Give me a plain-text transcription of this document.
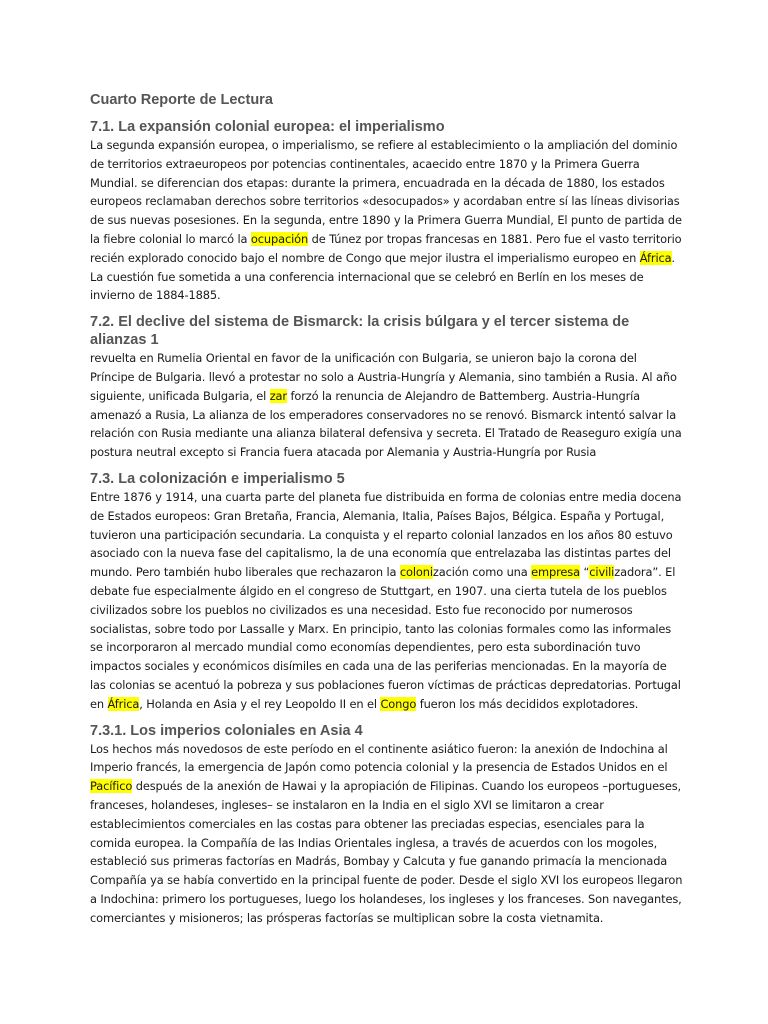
Cuarto Reporte de Lectura
7.1. La expansión colonial europea: el imperialismo
La segunda expansión europea, o imperialismo, se refiere al establecimiento o la ampliación del dominio de territorios extraeuropeos por potencias continentales, acaecido entre 1870 y la Primera Guerra Mundial. se diferencian dos etapas: durante la primera, encuadrada en la década de 1880, los estados europeos reclamaban derechos sobre territorios «desocupados» y acordaban entre sí las líneas divisorias de sus nuevas posesiones. En la segunda, entre 1890 y la Primera Guerra Mundial, El punto de partida de la fiebre colonial lo marcó la ocupación de Túnez por tropas francesas en 1881. Pero fue el vasto territorio recién explorado conocido bajo el nombre de Congo que mejor ilustra el imperialismo europeo en África. La cuestión fue sometida a una conferencia internacional que se celebró en Berlín en los meses de invierno de 1884-1885.
7.2. El declive del sistema de Bismarck: la crisis búlgara y el tercer sistema de alianzas 1
revuelta en Rumelia Oriental en favor de la unificación con Bulgaria, se unieron bajo la corona del Príncipe de Bulgaria. llevó a protestar no solo a Austria-Hungría y Alemania, sino también a Rusia. Al año siguiente, unificada Bulgaria, el zar forzó la renuncia de Alejandro de Battemberg. Austria-Hungría amenazó a Rusia, La alianza de los emperadores conservadores no se renovó. Bismarck intentó salvar la relación con Rusia mediante una alianza bilateral defensiva y secreta. El Tratado de Reaseguro exigía una postura neutral excepto si Francia fuera atacada por Alemania y Austria-Hungría por Rusia
7.3. La colonización e imperialismo 5
Entre 1876 y 1914, una cuarta parte del planeta fue distribuida en forma de colonias entre media docena de Estados europeos: Gran Bretaña, Francia, Alemania, Italia, Países Bajos, Bélgica. España y Portugal, tuvieron una participación secundaria. La conquista y el reparto colonial lanzados en los años 80 estuvo asociado con la nueva fase del capitalismo, la de una economía que entrelazaba las distintas partes del mundo. Pero también hubo liberales que rechazaron la colonización como una empresa “civilizadora”. El debate fue especialmente álgido en el congreso de Stuttgart, en 1907. una cierta tutela de los pueblos civilizados sobre los pueblos no civilizados es una necesidad. Esto fue reconocido por numerosos socialistas, sobre todo por Lassalle y Marx. En principio, tanto las colonias formales como las informales se incorporaron al mercado mundial como economías dependientes, pero esta subordinación tuvo impactos sociales y económicos disímiles en cada una de las periferias mencionadas. En la mayoría de las colonias se acentuó la pobreza y sus poblaciones fueron víctimas de prácticas depredatorias. Portugal en África, Holanda en Asia y el rey Leopoldo II en el Congo fueron los más decididos explotadores.
7.3.1. Los imperios coloniales en Asia 4
Los hechos más novedosos de este período en el continente asiático fueron: la anexión de Indochina al Imperio francés, la emergencia de Japón como potencia colonial y la presencia de Estados Unidos en el Pacífico después de la anexión de Hawai y la apropiación de Filipinas. Cuando los europeos –portugueses, franceses, holandeses, ingleses– se instalaron en la India en el siglo XVI se limitaron a crear establecimientos comerciales en las costas para obtener las preciadas especias, esenciales para la comida europea. la Compañía de las Indias Orientales inglesa, a través de acuerdos con los mogoles, estableció sus primeras factorías en Madrás, Bombay y Calcuta y fue ganando primacía la mencionada Compañía ya se había convertido en la principal fuente de poder. Desde el siglo XVI los europeos llegaron a Indochina: primero los portugueses, luego los holandeses, los ingleses y los franceses. Son navegantes, comerciantes y misioneros; las prósperas factorías se multiplican sobre la costa vietnamita.
